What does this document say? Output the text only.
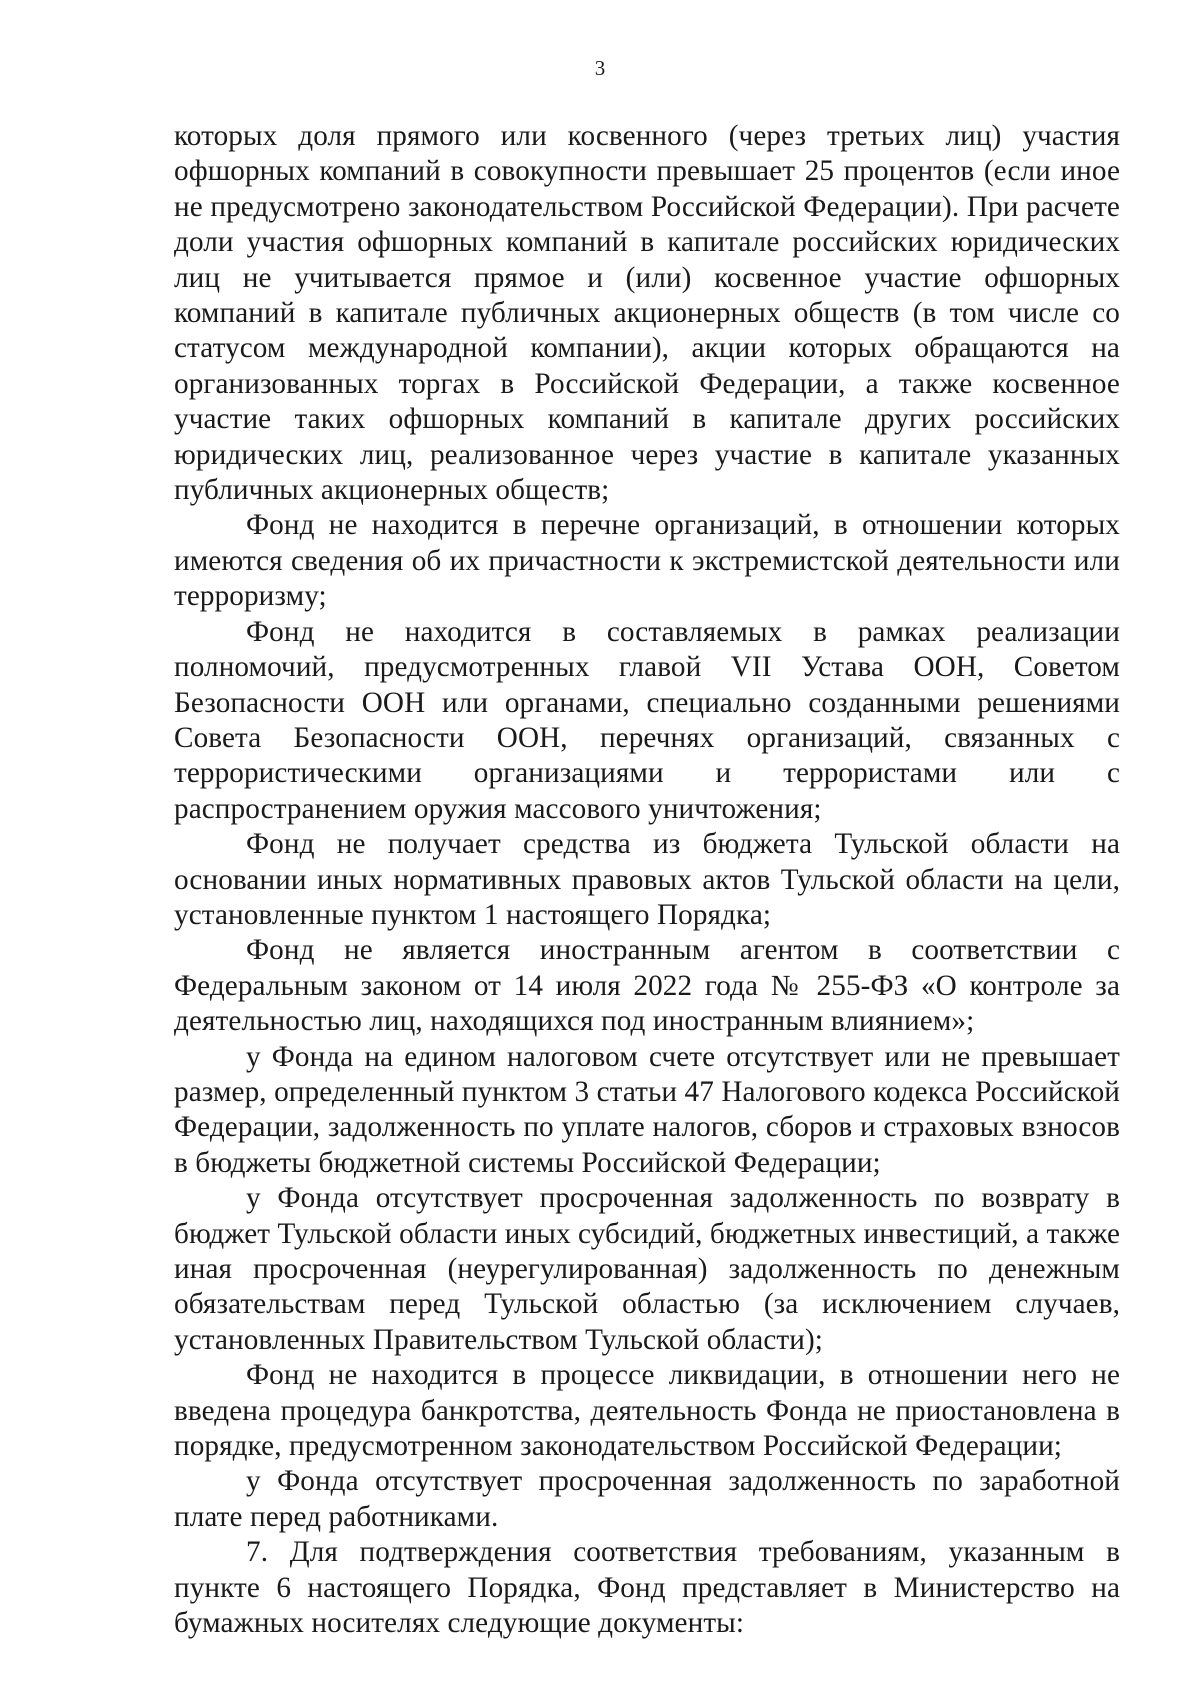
3

которых доля прямого или косвенного (через третьих лиц) участия офшорных компаний в совокупности превышает 25 процентов (если иное не предусмотрено законодательством Российской Федерации). При расчете доли участия офшорных компаний в капитале российских юридических лиц не учитывается прямое и (или) косвенное участие офшорных компаний в капитале публичных акционерных обществ (в том числе со статусом международной компании), акции которых обращаются на организованных торгах в Российской Федерации, а также косвенное участие таких офшорных компаний в капитале других российских юридических лиц, реализованное через участие в капитале указанных публичных акционерных обществ;

Фонд не находится в перечне организаций, в отношении которых имеются сведения об их причастности к экстремистской деятельности или терроризму;

Фонд не находится в составляемых в рамках реализации полномочий, предусмотренных главой VII Устава ООН, Советом Безопасности ООН или органами, специально созданными решениями Совета Безопасности ООН, перечнях организаций, связанных с террористическими организациями и террористами или с распространением оружия массового уничтожения;

Фонд не получает средства из бюджета Тульской области на основании иных нормативных правовых актов Тульской области на цели, установленные пунктом 1 настоящего Порядка;

Фонд не является иностранным агентом в соответствии с Федеральным законом от 14 июля 2022 года № 255-ФЗ «О контроле за деятельностью лиц, находящихся под иностранным влиянием»;

у Фонда на едином налоговом счете отсутствует или не превышает размер, определенный пунктом 3 статьи 47 Налогового кодекса Российской Федерации, задолженность по уплате налогов, сборов и страховых взносов в бюджеты бюджетной системы Российской Федерации;

у Фонда отсутствует просроченная задолженность по возврату в бюджет Тульской области иных субсидий, бюджетных инвестиций, а также иная просроченная (неурегулированная) задолженность по денежным обязательствам перед Тульской областью (за исключением случаев, установленных Правительством Тульской области);

Фонд не находится в процессе ликвидации, в отношении него не введена процедура банкротства, деятельность Фонда не приостановлена в порядке, предусмотренном законодательством Российской Федерации;

у Фонда отсутствует просроченная задолженность по заработной плате перед работниками.

7. Для подтверждения соответствия требованиям, указанным в пункте 6 настоящего Порядка, Фонд представляет в Министерство на бумажных носителях следующие документы:
